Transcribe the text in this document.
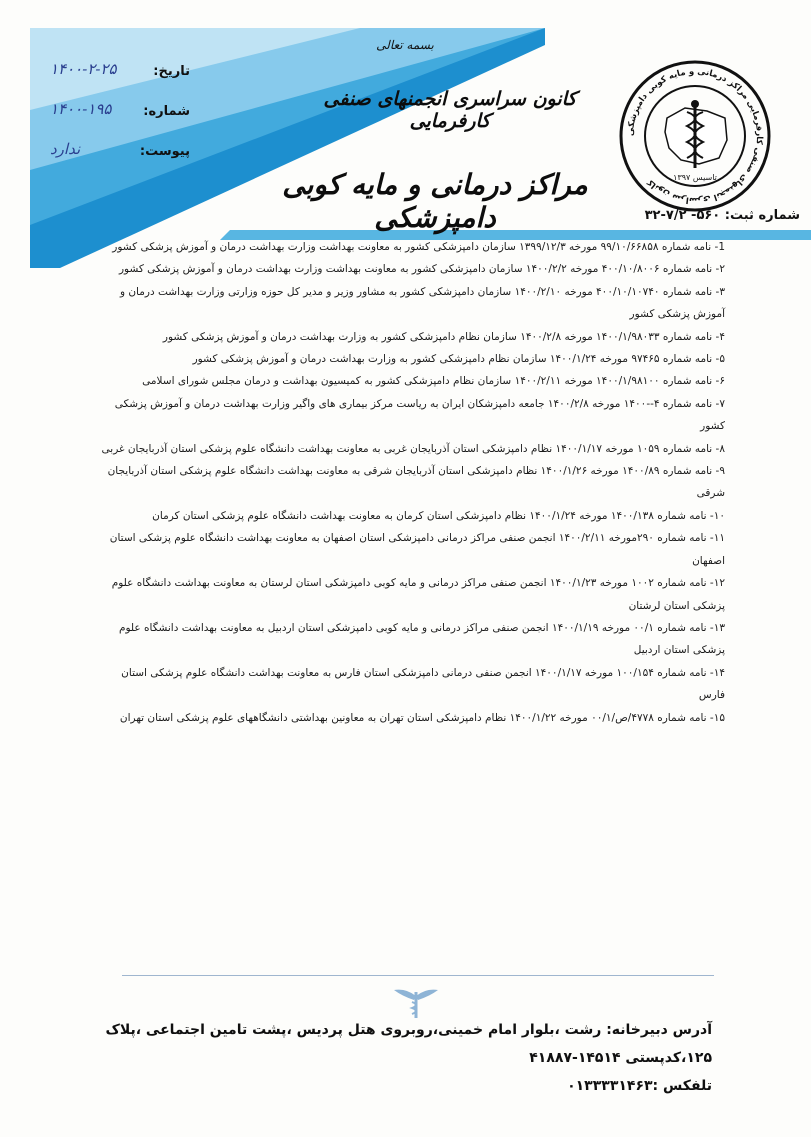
بسمه تعالی
تاریخ:
۱۴۰۰-۲-۲۵
شماره:
۱۴۰۰-۱۹۵
پیوست:
ندارد
کانون سراسری انجمنهای صنفی کارفرمایی
مراکز درمانی و مایه کوبی دامپزشکی
کانون سراسری انجمنهای صنفی کارفرمایی مراکز درمانی و مایه کوبی دامپزشکی	تاسیس ۱۳۹۷
شماره ثبت: ۵۶۰- ۷/۲-۳۲
1- نامه شماره ۹۹/۱۰/۶۶۸۵۸ مورخه ۱۳۹۹/۱۲/۳ سازمان دامپزشکی کشور به معاونت بهداشت وزارت بهداشت درمان و آموزش پزشکی کشور
۲- نامه شماره ۴۰۰/۱۰/۸۰۰۶ مورخه ۱۴۰۰/۲/۲ سازمان دامپزشکی کشور به معاونت بهداشت وزارت بهداشت درمان و آموزش پزشکی کشور
۳- نامه شماره ۴۰۰/۱۰/۱۰۷۴۰ مورخه ۱۴۰۰/۲/۱۰ سازمان دامپزشکی کشور به مشاور وزیر و مدیر کل حوزه وزارتی وزارت بهداشت درمان و آموزش پزشکی کشور
۴- نامه شماره ۱۴۰۰/۱/۹۸۰۳۳ مورخه ۱۴۰۰/۲/۸ سازمان نظام دامپزشکی کشور به وزارت بهداشت درمان و آموزش پزشکی کشور
۵- نامه شماره ۹۷۴۶۵ مورخه ۱۴۰۰/۱/۲۴ سازمان نظام دامپزشکی کشور به وزارت بهداشت درمان و آموزش پزشکی کشور
۶- نامه شماره ۱۴۰۰/۱/۹۸۱۰۰ مورخه ۱۴۰۰/۲/۱۱ سازمان نظام دامپزشکی کشور به کمیسیون بهداشت و درمان مجلس شورای اسلامی
۷- نامه شماره ۴--۱۴۰۰ مورخه ۱۴۰۰/۲/۸ جامعه دامپزشکان ایران به ریاست مرکز بیماری های واگیر وزارت بهداشت درمان و آموزش پزشکی کشور
۸- نامه شماره ۱۰۵۹ مورخه ۱۴۰۰/۱/۱۷ نظام دامپزشکی استان آذربایجان غربی به معاونت بهداشت دانشگاه علوم پزشکی استان آذربایجان غربی
۹- نامه شماره ۱۴۰۰/۸۹ مورخه ۱۴۰۰/۱/۲۶ نظام دامپزشکی استان آذربایجان شرقی به معاونت بهداشت دانشگاه علوم پزشکی استان آذربایجان شرقی
۱۰- نامه شماره ۱۴۰۰/۱۳۸ مورخه ۱۴۰۰/۱/۲۴ نظام دامپزشکی استان کرمان به معاونت بهداشت دانشگاه علوم پزشکی استان کرمان
۱۱- نامه شماره ۲۹۰مورخه ۱۴۰۰/۲/۱۱ انجمن صنفی مراکز درمانی دامپزشکی استان اصفهان به معاونت بهداشت دانشگاه علوم پزشکی استان اصفهان
۱۲- نامه شماره ۱۰۰۲ مورخه ۱۴۰۰/۱/۲۳ انجمن صنفی مراکز درمانی و مایه کوبی دامپزشکی استان لرستان به معاونت بهداشت دانشگاه علوم پزشکی استان لرشتان
۱۳- نامه شماره ۰۰/۱ مورخه ۱۴۰۰/۱/۱۹ انجمن صنفی مراکز درمانی و مایه کوبی دامپزشکی استان اردبیل به معاونت بهداشت دانشگاه علوم پزشکی استان اردبیل
۱۴- نامه شماره ۱۰۰/۱۵۴ مورخه ۱۴۰۰/۱/۱۷ انجمن صنفی درمانی دامپزشکی استان فارس به معاونت بهداشت دانشگاه علوم پزشکی استان فارس
۱۵- نامه شماره ۴۷۷۸/ص/۰۰/۱ مورخه ۱۴۰۰/۱/۲۲ نظام دامپزشکی استان تهران به معاونین بهداشتی دانشگاههای علوم پزشکی استان تهران
آدرس دبیرخانه: رشت ،بلوار امام خمینی،روبروی هتل پردیس ،پشت تامین اجتماعی ،پلاک
۱۲۵،کدپستی ۱۴۵۱۴-۴۱۸۸۷
تلفکس :۰۱۳۳۳۳۱۴۶۳
